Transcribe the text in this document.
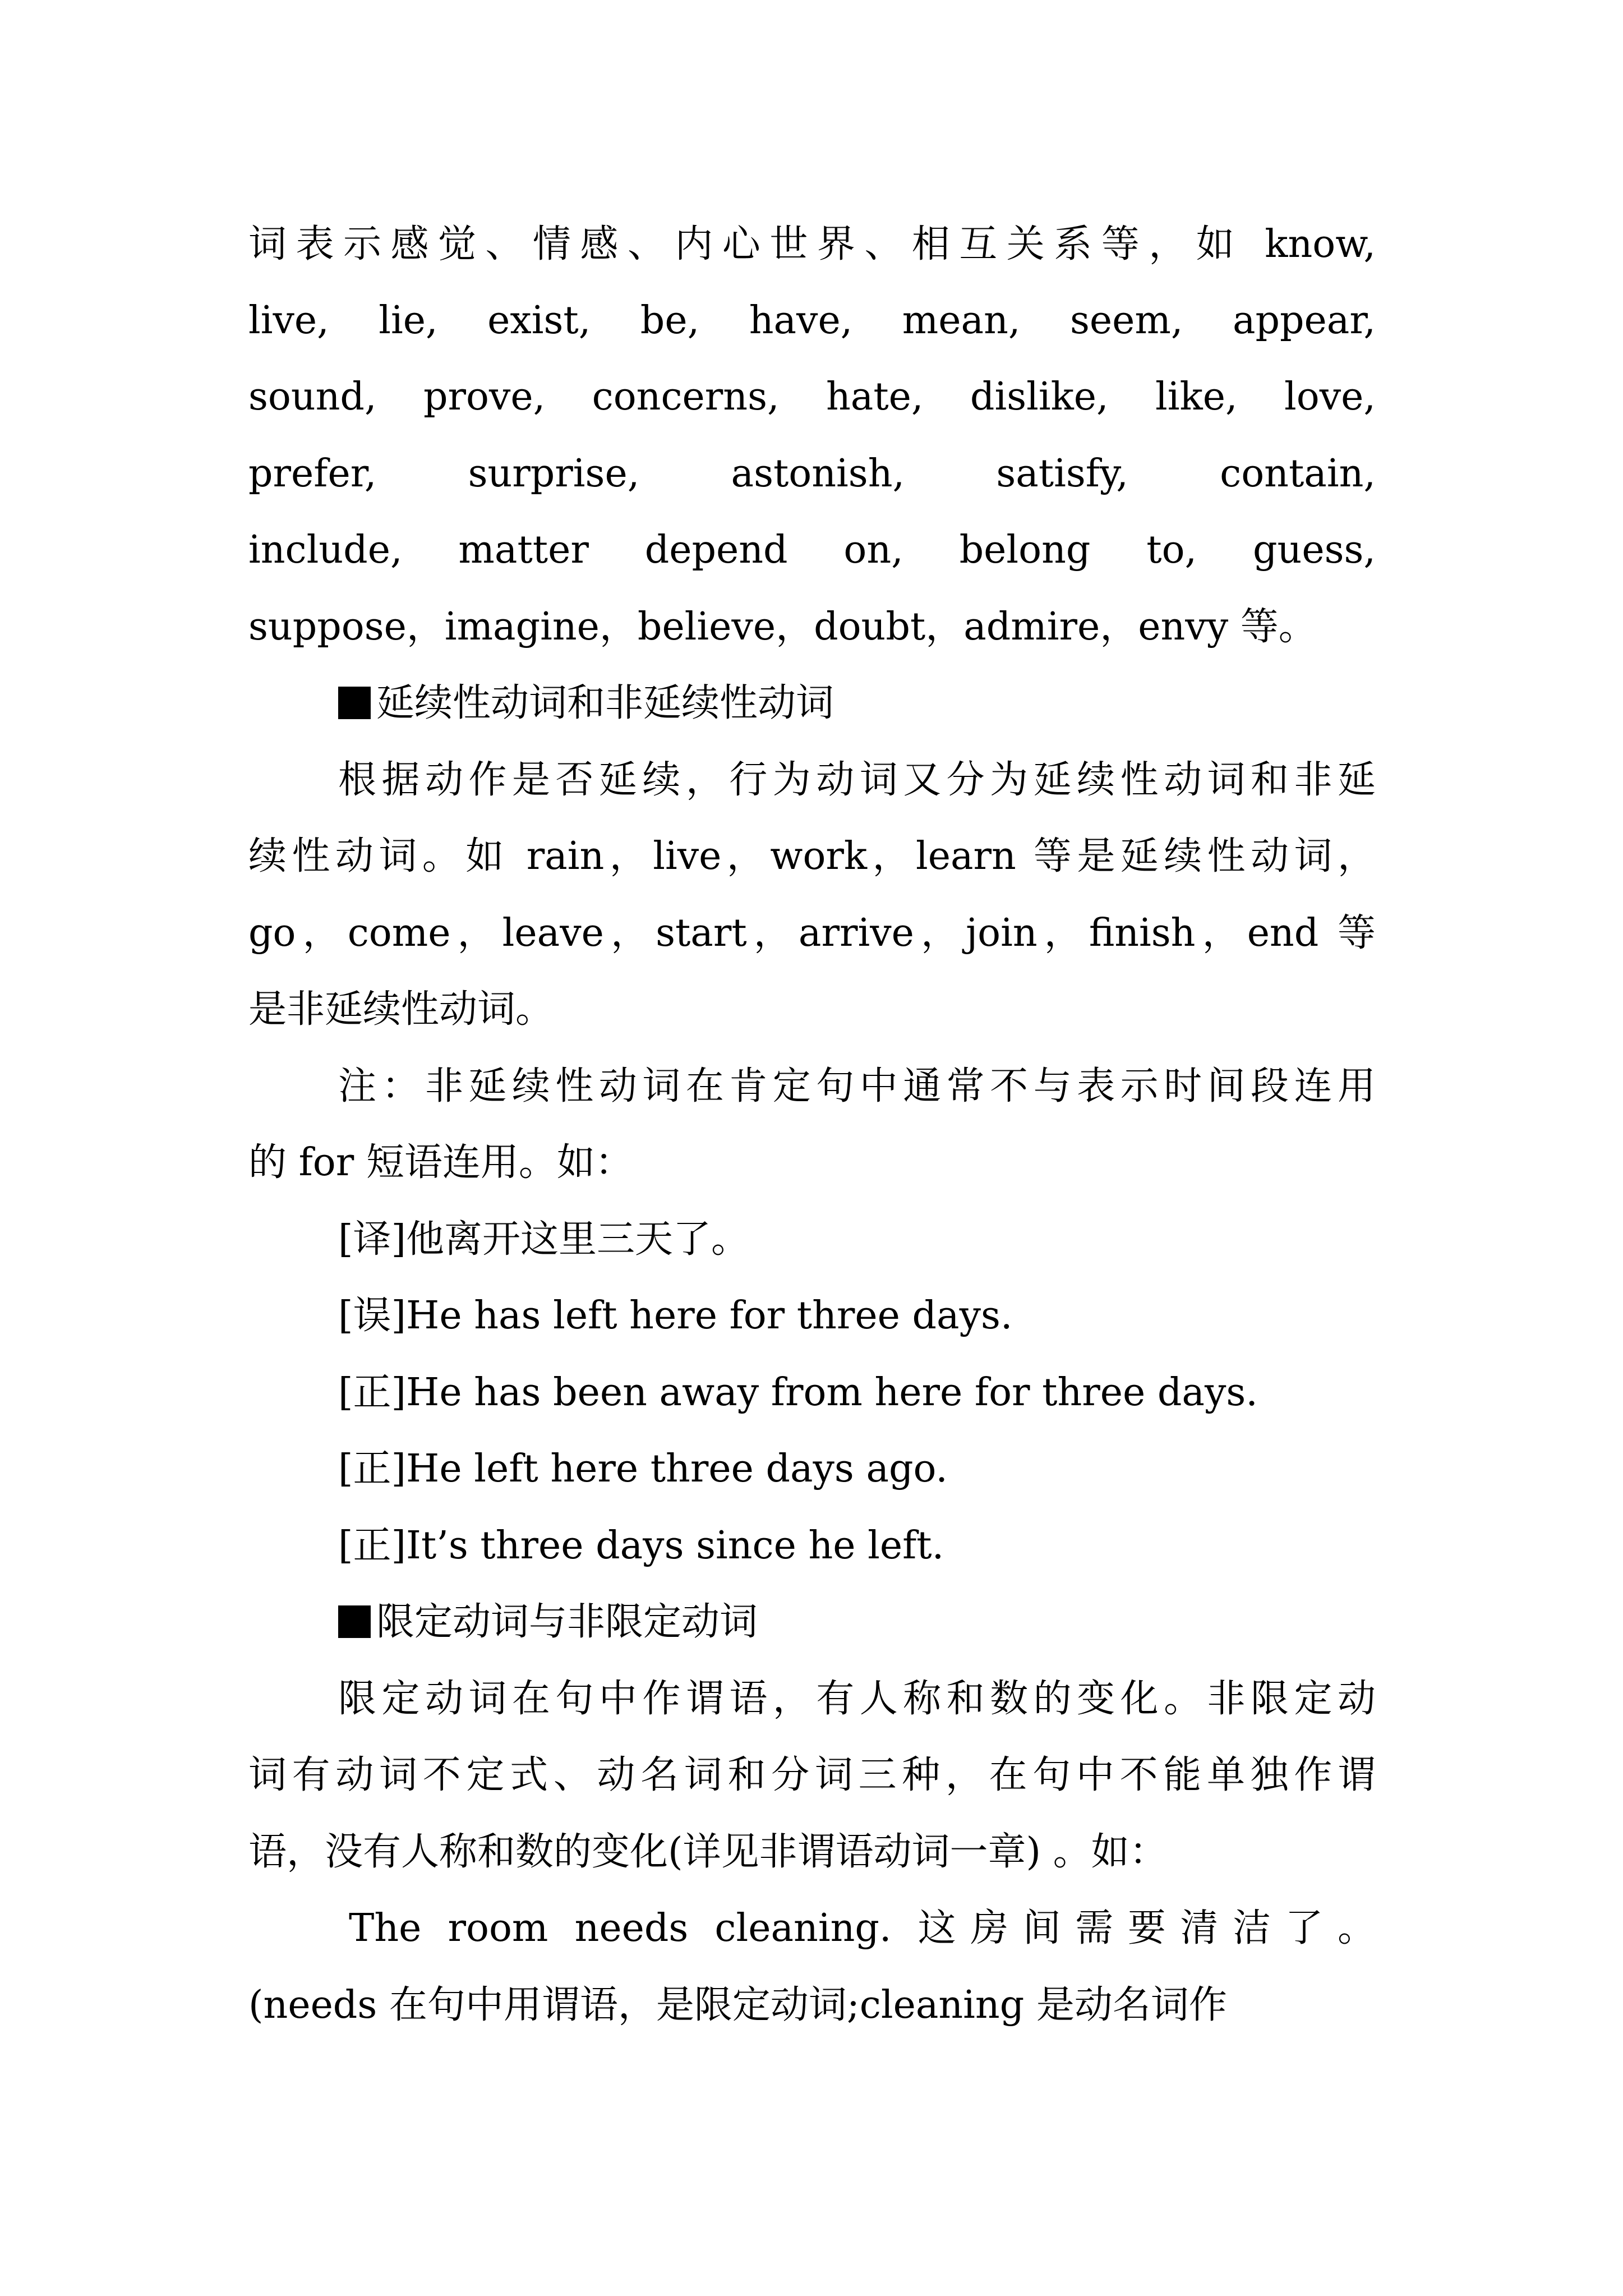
词表示感觉、情感、内心世界、相互关系等，如 know,
live, lie, exist, be, have, mean, seem, appear,
sound, prove, concerns, hate, dislike, like, love,
prefer, surprise, astonish, satisfy, contain,
include, matter depend on, belong to, guess,
suppose，imagine，believe，doubt，admire，envy 等。
延续性动词和非延续性动词
根据动作是否延续，行为动词又分为延续性动词和非延
续性动词。如 rain，live，work，learn 等是延续性动词，
go，come，leave，start，arrive，join，finish，end 等
是非延续性动词。
注：非延续性动词在肯定句中通常不与表示时间段连用
的 for 短语连用。如：
[译]他离开这里三天了。
[误]He has left here for three days.
[正]He has been away from here for three days.
[正]He left here three days ago.
[正]It’s three days since he left.
限定动词与非限定动词
限定动词在句中作谓语，有人称和数的变化。非限定动
词有动词不定式、动名词和分词三种，在句中不能单独作谓
语，没有人称和数的变化(详见非谓语动词一章) 。如：
The room needs cleaning. 这房间需要清洁了。
(needs 在句中用谓语，是限定动词;cleaning 是动名词作
